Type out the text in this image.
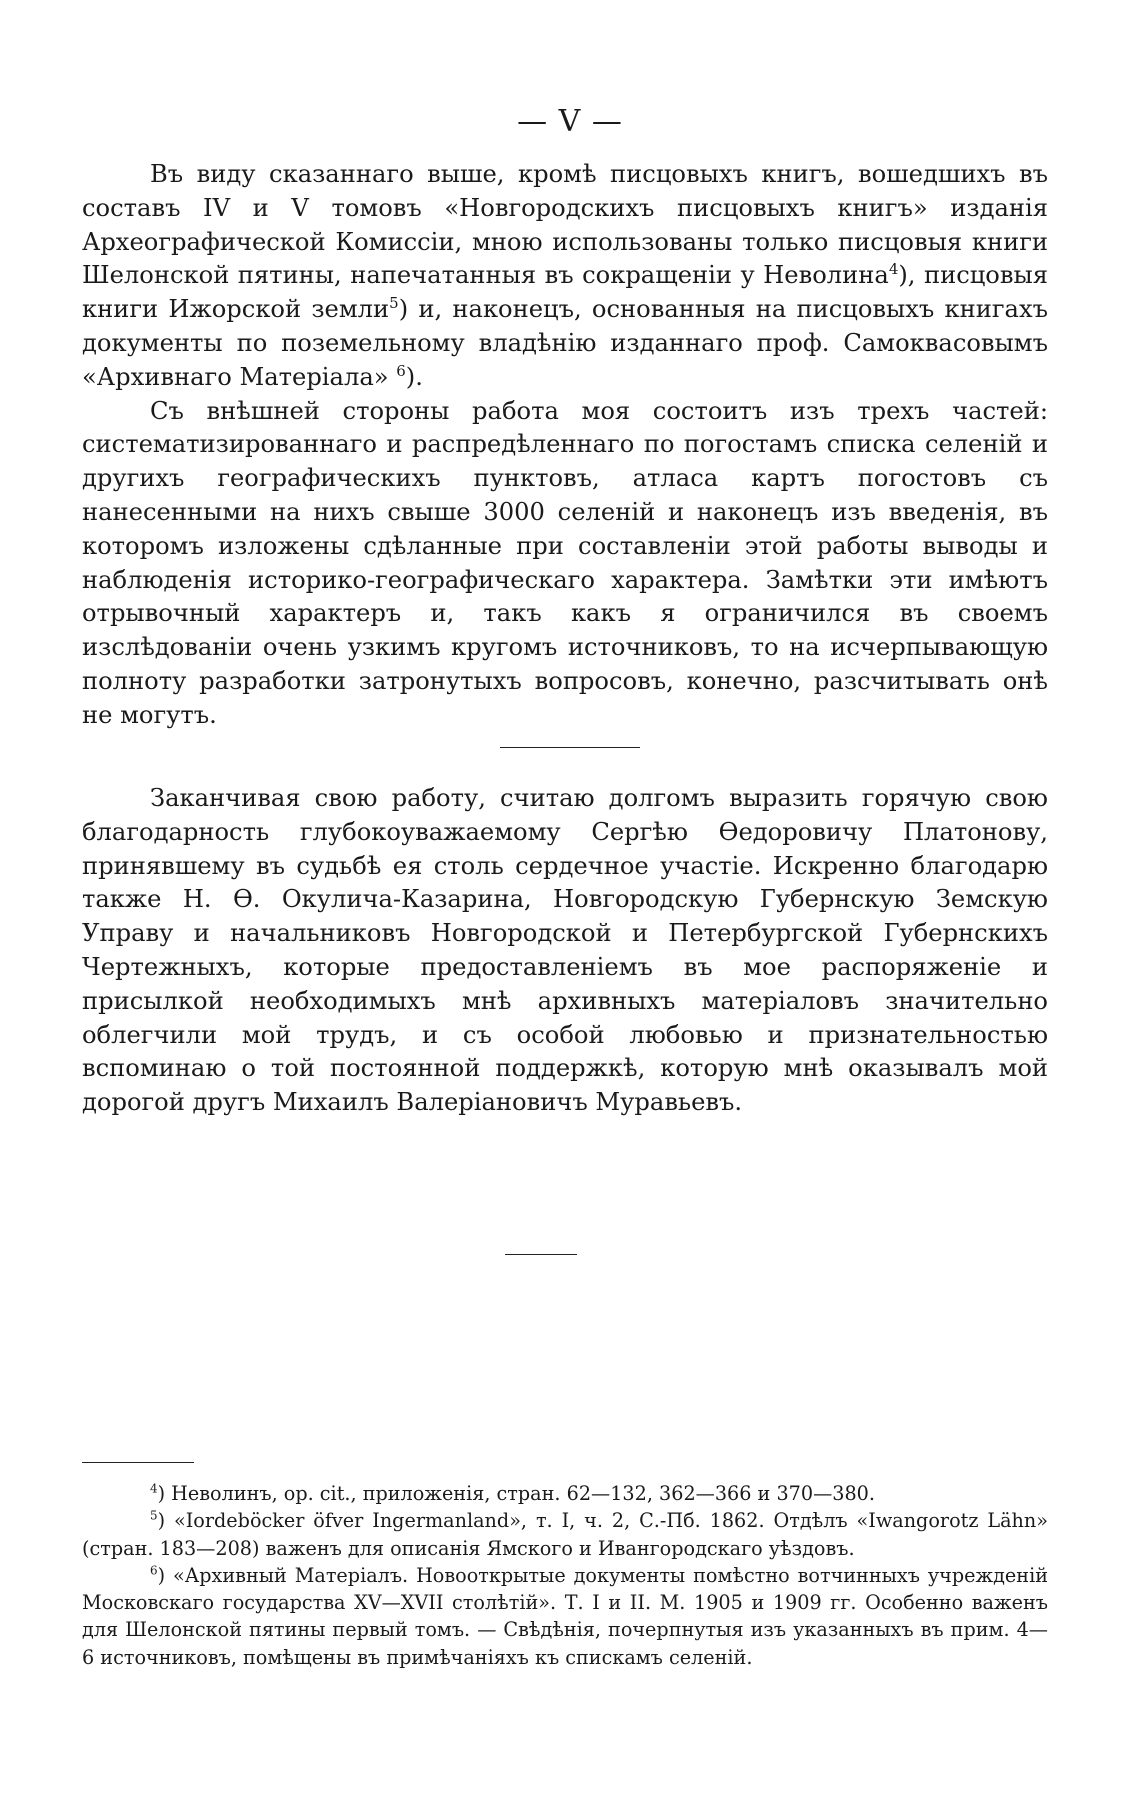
— V —

Въ виду сказаннаго выше, кромѣ писцовыхъ книгъ, вошедшихъ въ составъ IV и V томовъ «Новгородскихъ писцовыхъ книгъ» изданія Археографической Комиссіи, мною использованы только писцовыя книги Шелонской пятины, напечатанныя въ сокращеніи у Неволина$^4$), писцовыя книги Ижорской земли$^5$) и, наконецъ, основанныя на писцовыхъ книгахъ документы по поземельному владѣнію изданнаго проф. Самоквасовымъ «Архивнаго Матеріала» $^6$).

Съ внѣшней стороны работа моя состоитъ изъ трехъ частей: систематизированнаго и распредѣленнаго по погостамъ списка селеній и другихъ географическихъ пунктовъ, атласа картъ погостовъ съ нанесенными на нихъ свыше 3000 селеній и наконецъ изъ введенія, въ которомъ изложены сдѣланные при составленіи этой работы выводы и наблюденія историко-географическаго характера. Замѣтки эти имѣютъ отрывочный характеръ и, такъ какъ я ограничился въ своемъ изслѣдованіи очень узкимъ кругомъ источниковъ, то на исчерпывающую полноту разработки затронутыхъ вопросовъ, конечно, разсчитывать онѣ не могутъ.

Заканчивая свою работу, считаю долгомъ выразить горячую свою благодарность глубокоуважаемому Сергѣю Ѳедоровичу Платонову, принявшему въ судьбѣ ея столь сердечное участіе. Искренно благодарю также Н. Ѳ. Окулича-Казарина, Новгородскую Губернскую Земскую Управу и начальниковъ Новгородской и Петербургской Губернскихъ Чертежныхъ, которые предоставленіемъ въ мое распоряженіе и присылкой необходимыхъ мнѣ архивныхъ матеріаловъ значительно облегчили мой трудъ, и съ особой любовью и признательностью вспоминаю о той постоянной поддержкѣ, которую мнѣ оказывалъ мой дорогой другъ Михаилъ Валеріановичъ Муравьевъ.

$^4$) Неволинъ, op. cit., приложенія, стран. 62—132, 362—366 и 370—380.

$^5$) «Iordeböcker öfver Ingermanland», т. I, ч. 2, С.-Пб. 1862. Отдѣлъ «Iwangorotz Lähn» (стран. 183—208) важенъ для описанія Ямского и Ивангородскаго уѣздовъ.

$^6$) «Архивный Матеріалъ. Новооткрытые документы помѣстно вотчинныхъ учрежденій Московскаго государства XV—XVII столѣтій». Т. I и II. М. 1905 и 1909 гг. Особенно важенъ для Шелонской пятины первый томъ. — Свѣдѣнія, почерпнутыя изъ указанныхъ въ прим. 4—6 источниковъ, помѣщены въ примѣчаніяхъ къ спискамъ селеній.
